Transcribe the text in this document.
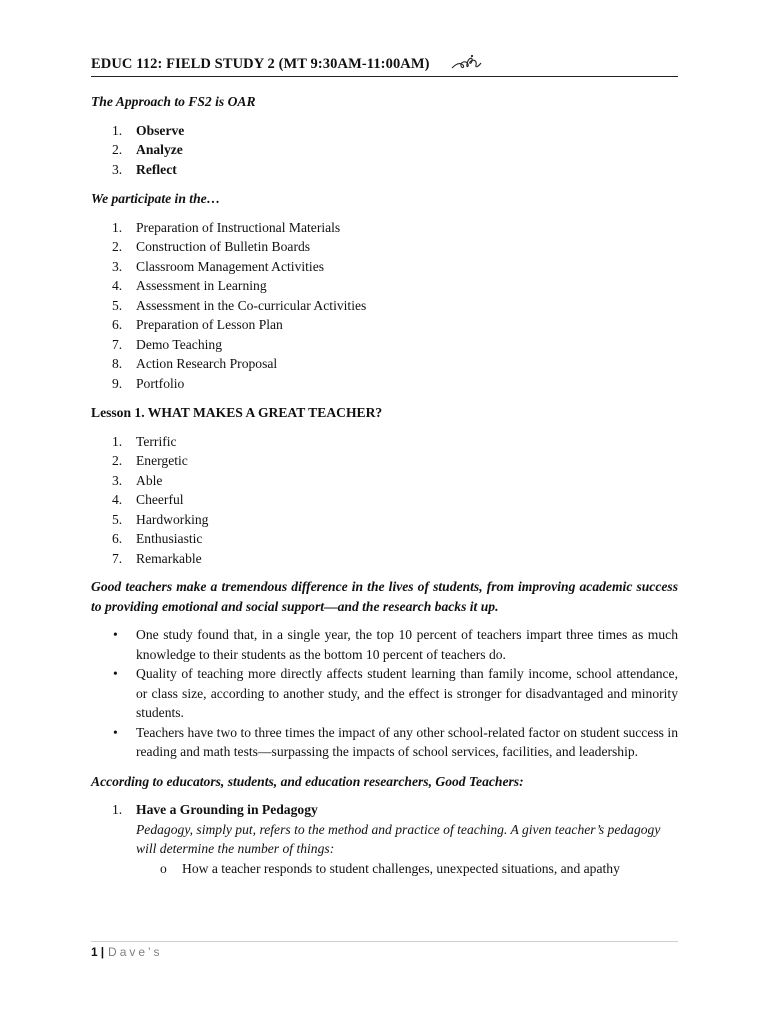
EDUC 112: FIELD STUDY 2 (MT 9:30AM-11:00AM)

The Approach to FS2 is OAR

1. Observe
2. Analyze
3. Reflect

We participate in the…

1. Preparation of Instructional Materials
2. Construction of Bulletin Boards
3. Classroom Management Activities
4. Assessment in Learning
5. Assessment in the Co-curricular Activities
6. Preparation of Lesson Plan
7. Demo Teaching
8. Action Research Proposal
9. Portfolio

Lesson 1. WHAT MAKES A GREAT TEACHER?

1. Terrific
2. Energetic
3. Able
4. Cheerful
5. Hardworking
6. Enthusiastic
7. Remarkable

Good teachers make a tremendous difference in the lives of students, from improving academic success to providing emotional and social support—and the research backs it up.

• One study found that, in a single year, the top 10 percent of teachers impart three times as much knowledge to their students as the bottom 10 percent of teachers do.
• Quality of teaching more directly affects student learning than family income, school attendance, or class size, according to another study, and the effect is stronger for disadvantaged and minority students.
• Teachers have two to three times the impact of any other school-related factor on student success in reading and math tests—surpassing the impacts of school services, facilities, and leadership.

According to educators, students, and education researchers, Good Teachers:

1. Have a Grounding in Pedagogy
Pedagogy, simply put, refers to the method and practice of teaching. A given teacher’s pedagogy will determine the number of things:
o How a teacher responds to student challenges, unexpected situations, and apathy
1 | Dave’s
